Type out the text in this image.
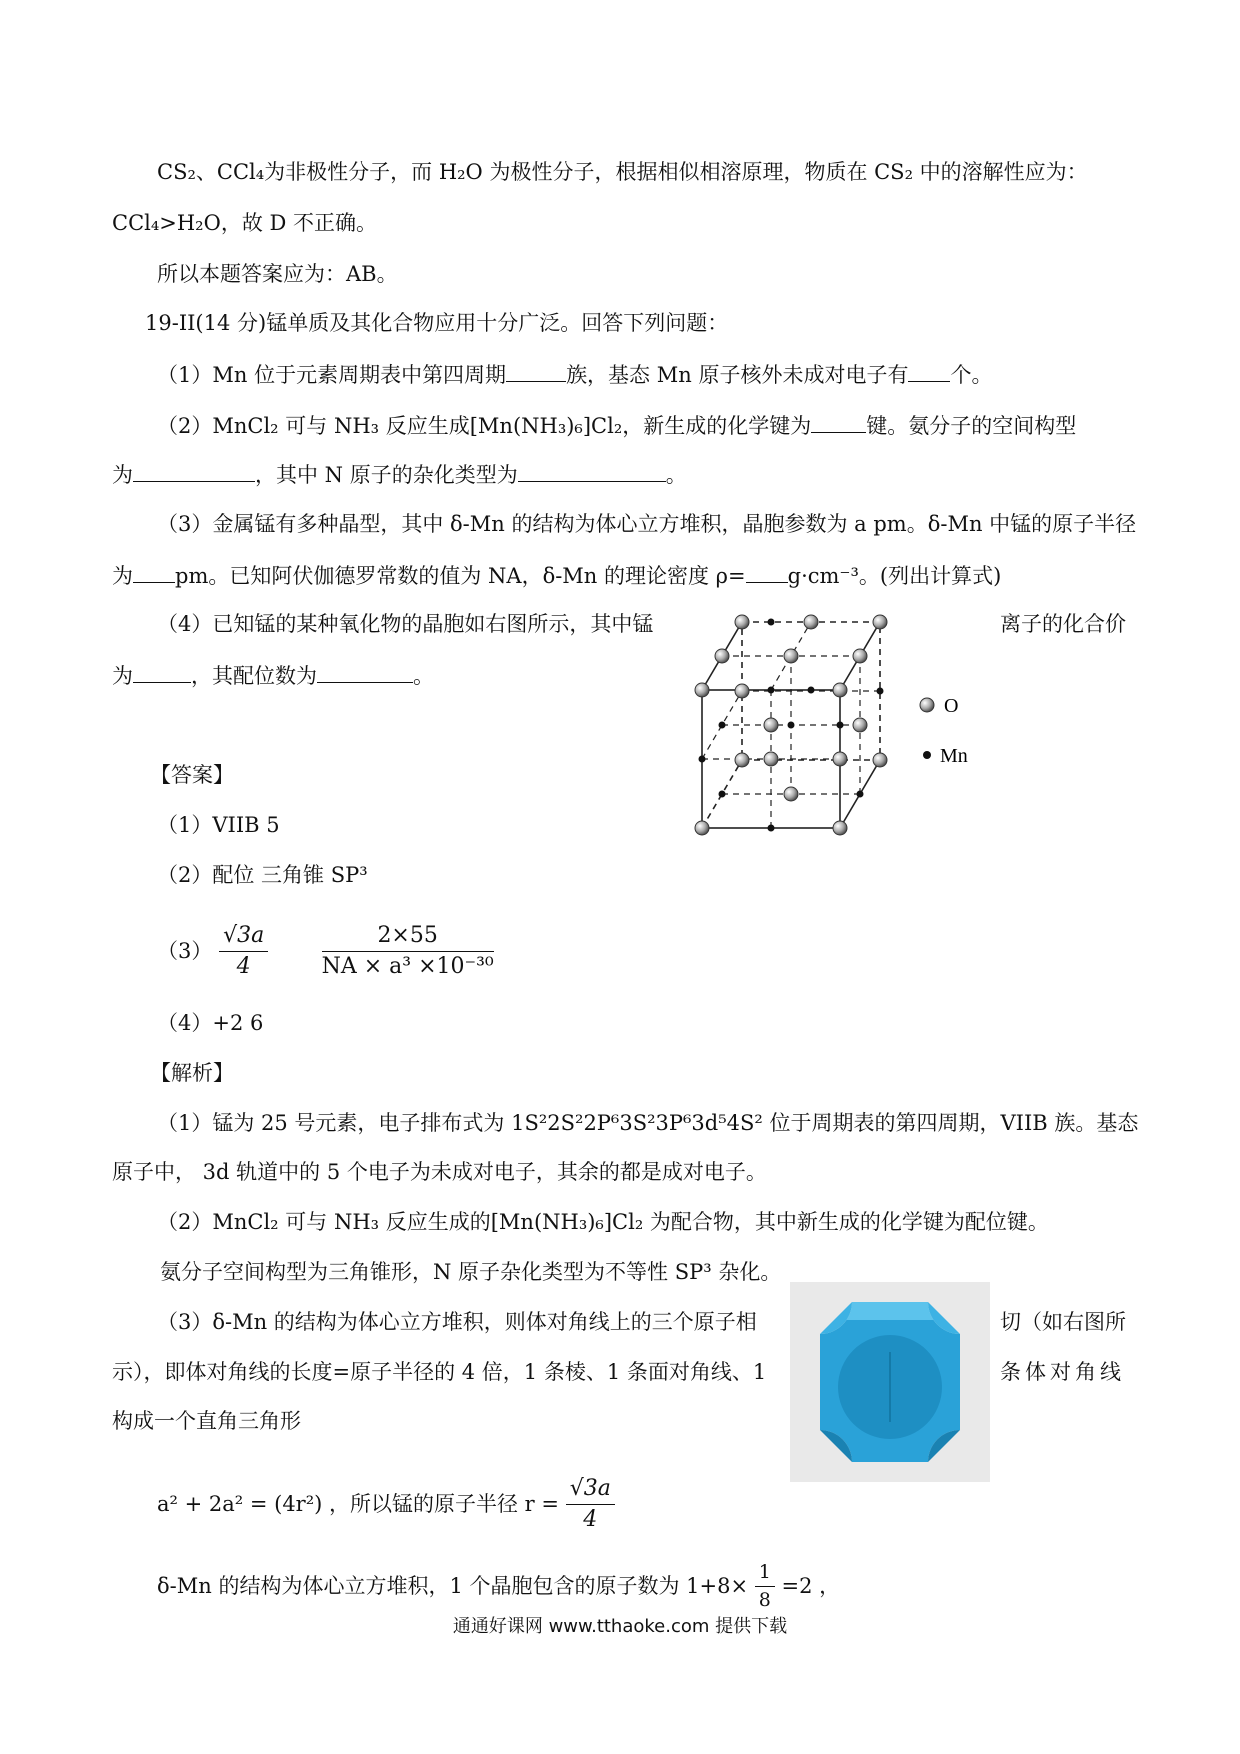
CS₂、CCl₄为非极性分子，而 H₂O 为极性分子，根据相似相溶原理，物质在 CS₂ 中的溶解性应为：
CCl₄>H₂O，故 D 不正确。
所以本题答案应为：AB。
19-II(14 分)锰单质及其化合物应用十分广泛。回答下列问题：
（1）Mn 位于元素周期表中第四周期	族，基态 Mn 原子核外未成对电子有 个。
（2）MnCl₂ 可与 NH₃ 反应生成[Mn(NH₃)₆]Cl₂，新生成的化学键为	键。氨分子的空间构型
为	，其中 N 原子的杂化类型为	。
（3）金属锰有多种晶型，其中 δ-Mn 的结构为体心立方堆积，晶胞参数为 a pm。δ-Mn 中锰的原子半径
为 pm。已知阿伏伽德罗常数的值为 NA，δ-Mn 的理论密度 ρ= g·cm⁻³。(列出计算式)
（4）已知锰的某种氧化物的晶胞如右图所示，其中锰	离子的化合价
为	，其配位数为	。
O
Mn
【答案】
（1）VIIB 5
（2）配位 三角锥 SP³
$(3) \frac{√3a}{4}$
$\frac{2\times 55}{\text{NA × a³ ×10⁻³⁰}}$
（4）+2 6
【解析】
（1）锰为 25 号元素，电子排布式为 1S²2S²2P⁶3S²3P⁶3d⁵4S² 位于周期表的第四周期，VIIB 族。基态
原子中， 3d 轨道中的 5 个电子为未成对电子，其余的都是成对电子。
（2）MnCl₂ 可与 NH₃ 反应生成的[Mn(NH₃)₆]Cl₂ 为配合物，其中新生成的化学键为配位键。
氨分子空间构型为三角锥形，N 原子杂化类型为不等性 SP³ 杂化。
（3）δ-Mn 的结构为体心立方堆积，则体对角线上的三个原子相	切（如右图所
示），即体对角线的长度=原子半径的 4 倍，1 条棱、1 条面对角线、1	条体对角线
构成一个直角三角形
a² + 2a² = (4r²) ，所以锰的原子半径 $r = \frac{√3a}{4}$
δ-Mn 的结构为体心立方堆积，1 个晶胞包含的原子数为 $1+8\times \frac{1}{8} =2$ ，
通通好课网 www.tthaoke.com 提供下载
